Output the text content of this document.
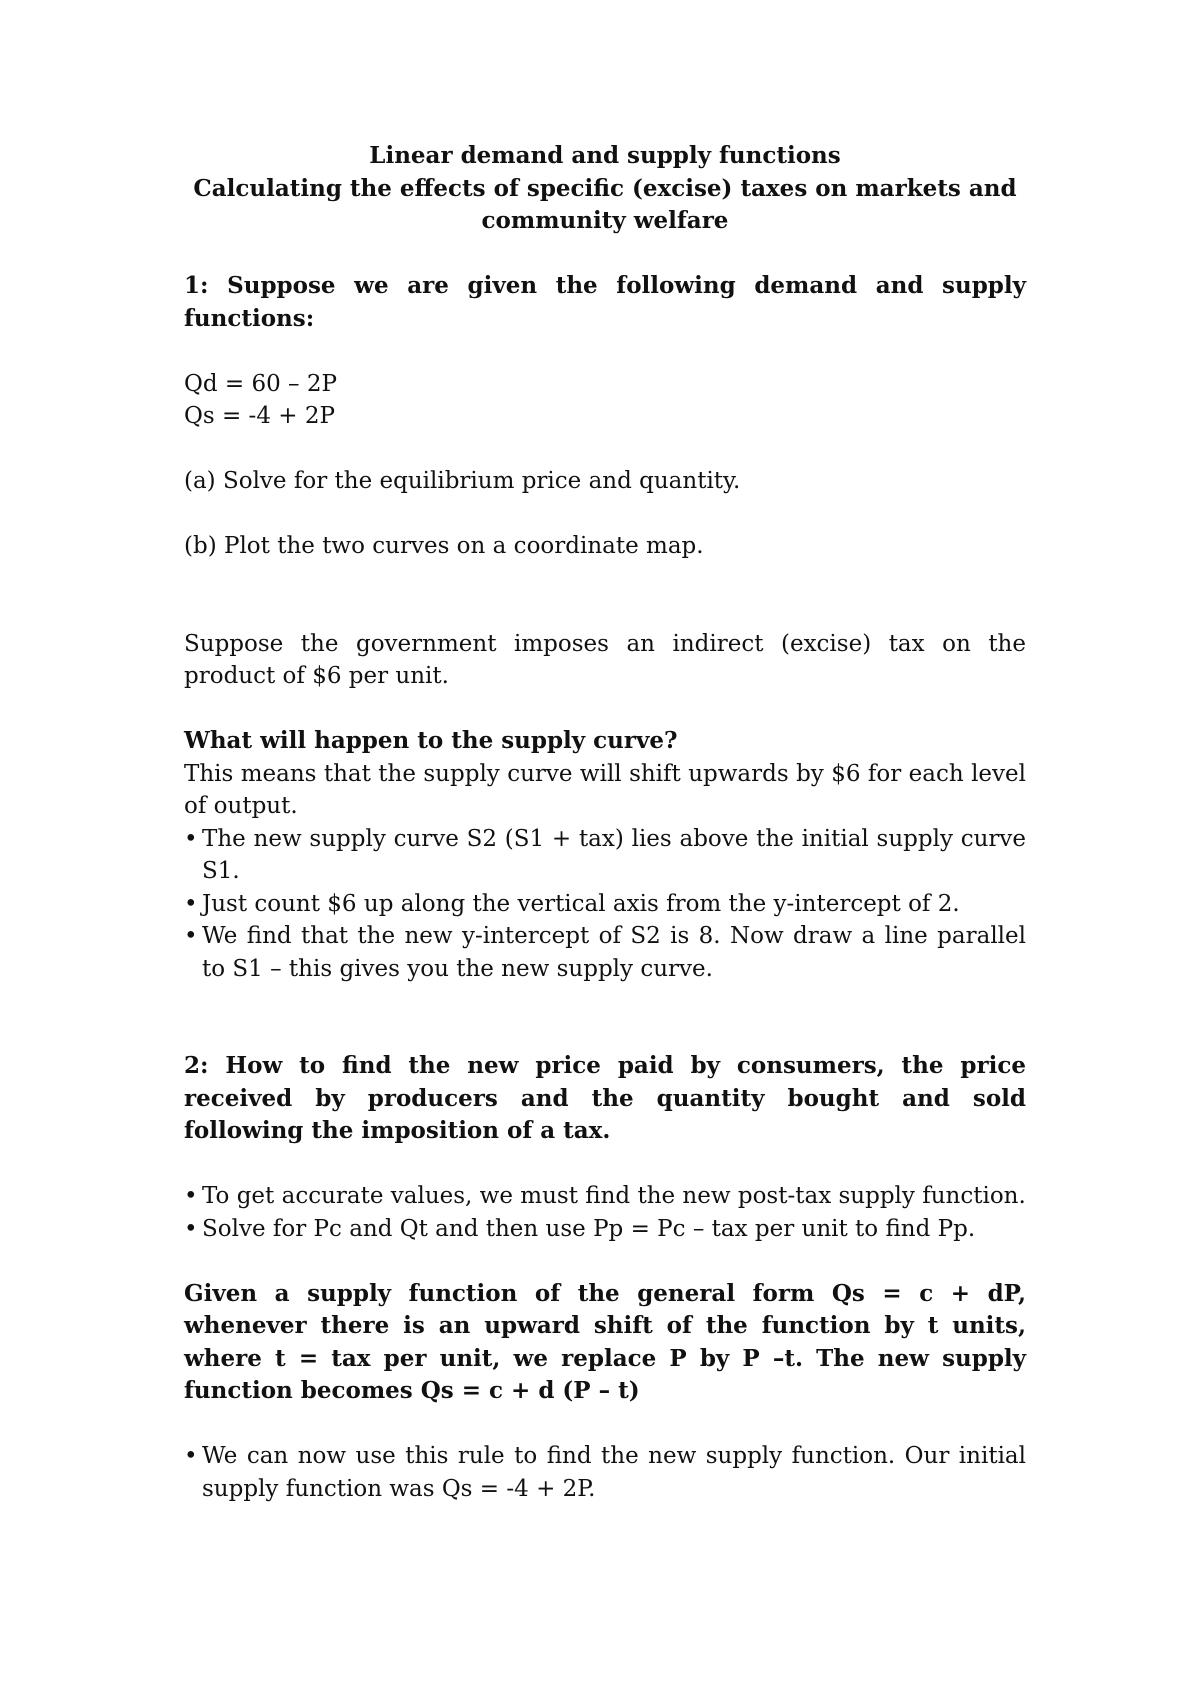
Linear demand and supply functions
Calculating the effects of specific (excise) taxes on markets and
community welfare

1: Suppose we are given the following demand and supply functions:

Qd = 60 – 2P

Qs = -4 + 2P

(a) Solve for the equilibrium price and quantity.

(b) Plot the two curves on a coordinate map.

Suppose the government imposes an indirect (excise) tax on the product of $6 per unit.

What will happen to the supply curve?

This means that the supply curve will shift upwards by $6 for each level of output.

• The new supply curve S2 (S1 + tax) lies above the initial supply curve S1.
• Just count $6 up along the vertical axis from the y-intercept of 2.
• We find that the new y-intercept of S2 is 8. Now draw a line parallel to S1 – this gives you the new supply curve.

2: How to find the new price paid by consumers, the price received by producers and the quantity bought and sold following the imposition of a tax.

• To get accurate values, we must find the new post-tax supply function.
• Solve for Pc and Qt and then use Pp = Pc – tax per unit to find Pp.

Given a supply function of the general form Qs = c + dP, whenever there is an upward shift of the function by t units, where t = tax per unit, we replace P by P –t. The new supply function becomes Qs = c + d (P – t)

• We can now use this rule to find the new supply function. Our initial supply function was Qs = -4 + 2P.
